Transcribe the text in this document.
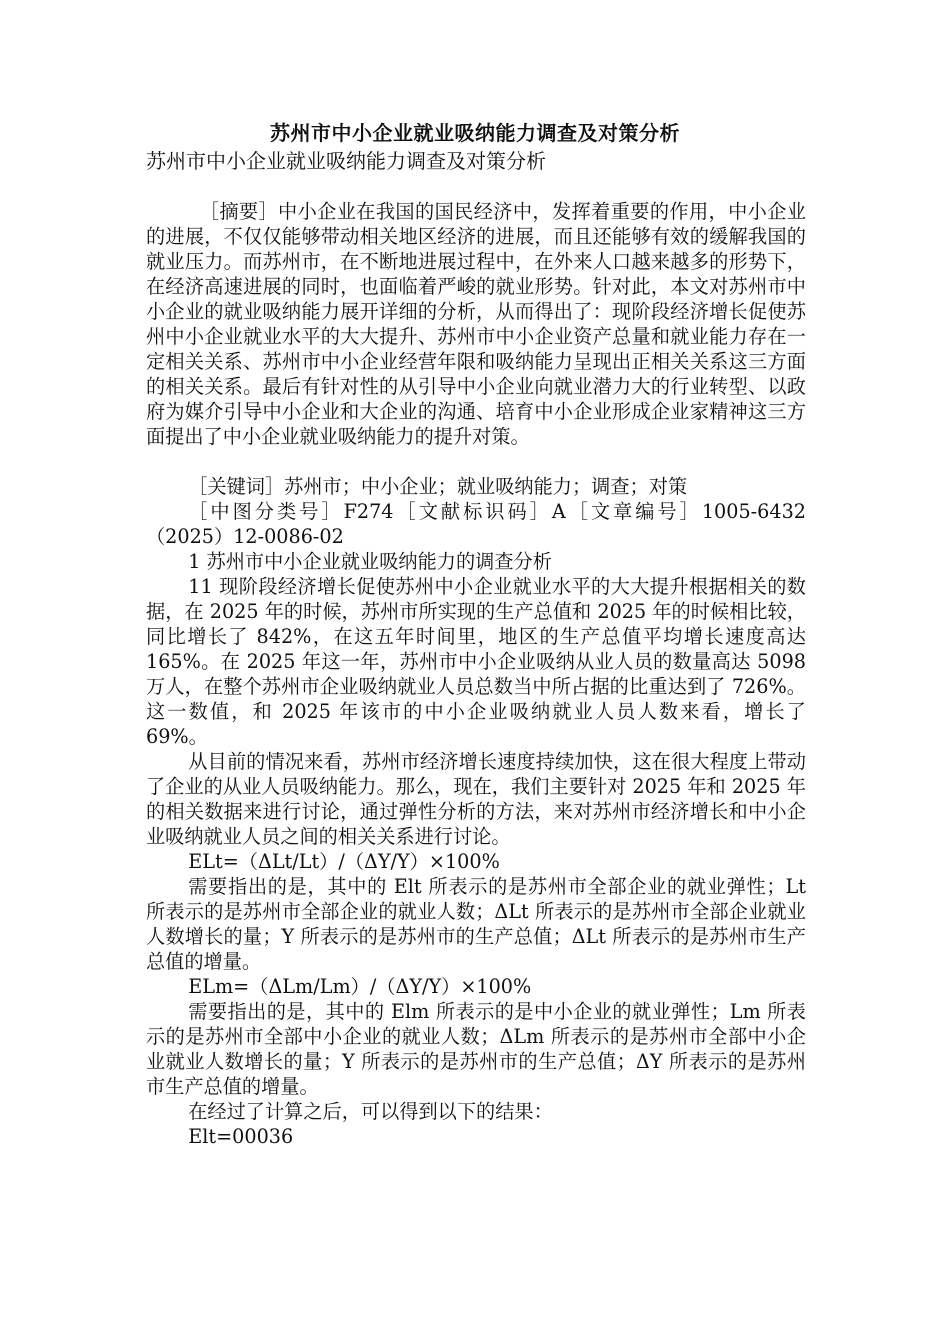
苏州市中小企业就业吸纳能力调查及对策分析
苏州市中小企业就业吸纳能力调查及对策分析

［摘要］中小企业在我国的国民经济中，发挥着重要的作用，中小企业的进展，不仅仅能够带动相关地区经济的进展，而且还能够有效的缓解我国的就业压力。而苏州市，在不断地进展过程中，在外来人口越来越多的形势下，在经济高速进展的同时，也面临着严峻的就业形势。针对此，本文对苏州市中小企业的就业吸纳能力展开详细的分析，从而得出了：现阶段经济增长促使苏州中小企业就业水平的大大提升、苏州市中小企业资产总量和就业能力存在一定相关关系、苏州市中小企业经营年限和吸纳能力呈现出正相关关系这三方面的相关关系。最后有针对性的从引导中小企业向就业潜力大的行业转型、以政府为媒介引导中小企业和大企业的沟通、培育中小企业形成企业家精神这三方面提出了中小企业就业吸纳能力的提升对策。

［关键词］苏州市；中小企业；就业吸纳能力；调查；对策

［中图分类号］F274［文献标识码］A［文章编号］1005-6432（2025）12-0086-02

1 苏州市中小企业就业吸纳能力的调查分析

11 现阶段经济增长促使苏州中小企业就业水平的大大提升根据相关的数据，在 2025 年的时候，苏州市所实现的生产总值和 2025 年的时候相比较，同比增长了 842%，在这五年时间里，地区的生产总值平均增长速度高达 165%。在 2025 年这一年，苏州市中小企业吸纳从业人员的数量高达 5098 万人，在整个苏州市企业吸纳就业人员总数当中所占据的比重达到了 726%。这一数值，和 2025 年该市的中小企业吸纳就业人员人数来看，增长了 69%。

从目前的情况来看，苏州市经济增长速度持续加快，这在很大程度上带动了企业的从业人员吸纳能力。那么，现在，我们主要针对 2025 年和 2025 年的相关数据来进行讨论，通过弹性分析的方法，来对苏州市经济增长和中小企业吸纳就业人员之间的相关关系进行讨论。

ELt=（ΔLt/Lt）/（ΔY/Y）×100%

需要指出的是，其中的 Elt 所表示的是苏州市全部企业的就业弹性；Lt 所表示的是苏州市全部企业的就业人数；ΔLt 所表示的是苏州市全部企业就业人数增长的量；Y 所表示的是苏州市的生产总值；ΔLt 所表示的是苏州市生产总值的增量。

ELm=（ΔLm/Lm）/（ΔY/Y）×100%

需要指出的是，其中的 Elm 所表示的是中小企业的就业弹性；Lm 所表示的是苏州市全部中小企业的就业人数；ΔLm 所表示的是苏州市全部中小企业就业人数增长的量；Y 所表示的是苏州市的生产总值；ΔY 所表示的是苏州市生产总值的增量。

在经过了计算之后，可以得到以下的结果：

Elt=00036
